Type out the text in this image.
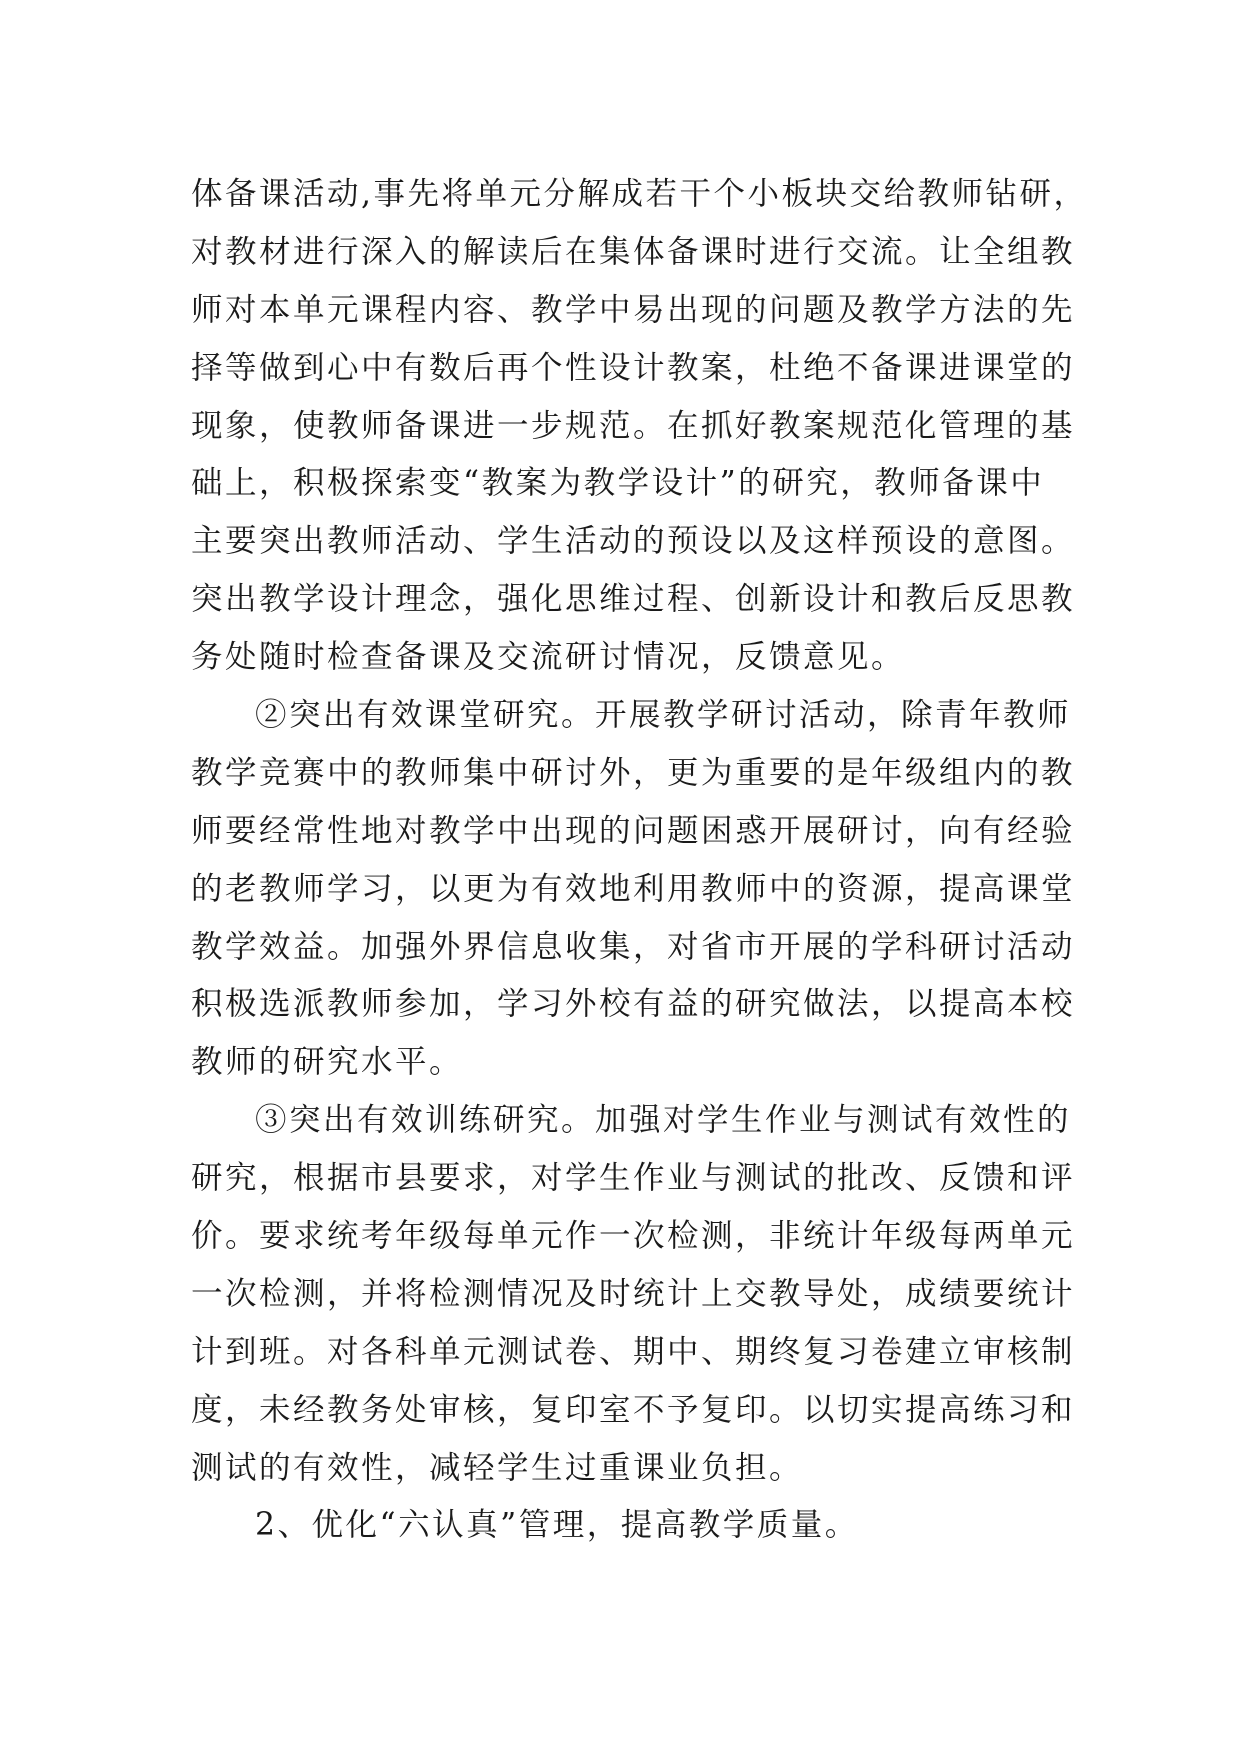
体备课活动,事先将单元分解成若干个小板块交给教师钻研，
对教材进行深入的解读后在集体备课时进行交流。让全组教
师对本单元课程内容、教学中易出现的问题及教学方法的先
择等做到心中有数后再个性设计教案，杜绝不备课进课堂的
现象，使教师备课进一步规范。在抓好教案规范化管理的基
础上，积极探索变“教案为教学设计”的研究，教师备课中
主要突出教师活动、学生活动的预设以及这样预设的意图。
突出教学设计理念，强化思维过程、创新设计和教后反思教
务处随时检查备课及交流研讨情况，反馈意见。
②突出有效课堂研究。开展教学研讨活动，除青年教师
教学竞赛中的教师集中研讨外，更为重要的是年级组内的教
师要经常性地对教学中出现的问题困惑开展研讨，向有经验
的老教师学习，以更为有效地利用教师中的资源，提高课堂
教学效益。加强外界信息收集，对省市开展的学科研讨活动
积极选派教师参加，学习外校有益的研究做法，以提高本校
教师的研究水平。
③突出有效训练研究。加强对学生作业与测试有效性的
研究，根据市县要求，对学生作业与测试的批改、反馈和评
价。要求统考年级每单元作一次检测，非统计年级每两单元
一次检测，并将检测情况及时统计上交教导处，成绩要统计
计到班。对各科单元测试卷、期中、期终复习卷建立审核制
度，未经教务处审核，复印室不予复印。以切实提高练习和
测试的有效性，减轻学生过重课业负担。
2、优化“六认真”管理，提高教学质量。
